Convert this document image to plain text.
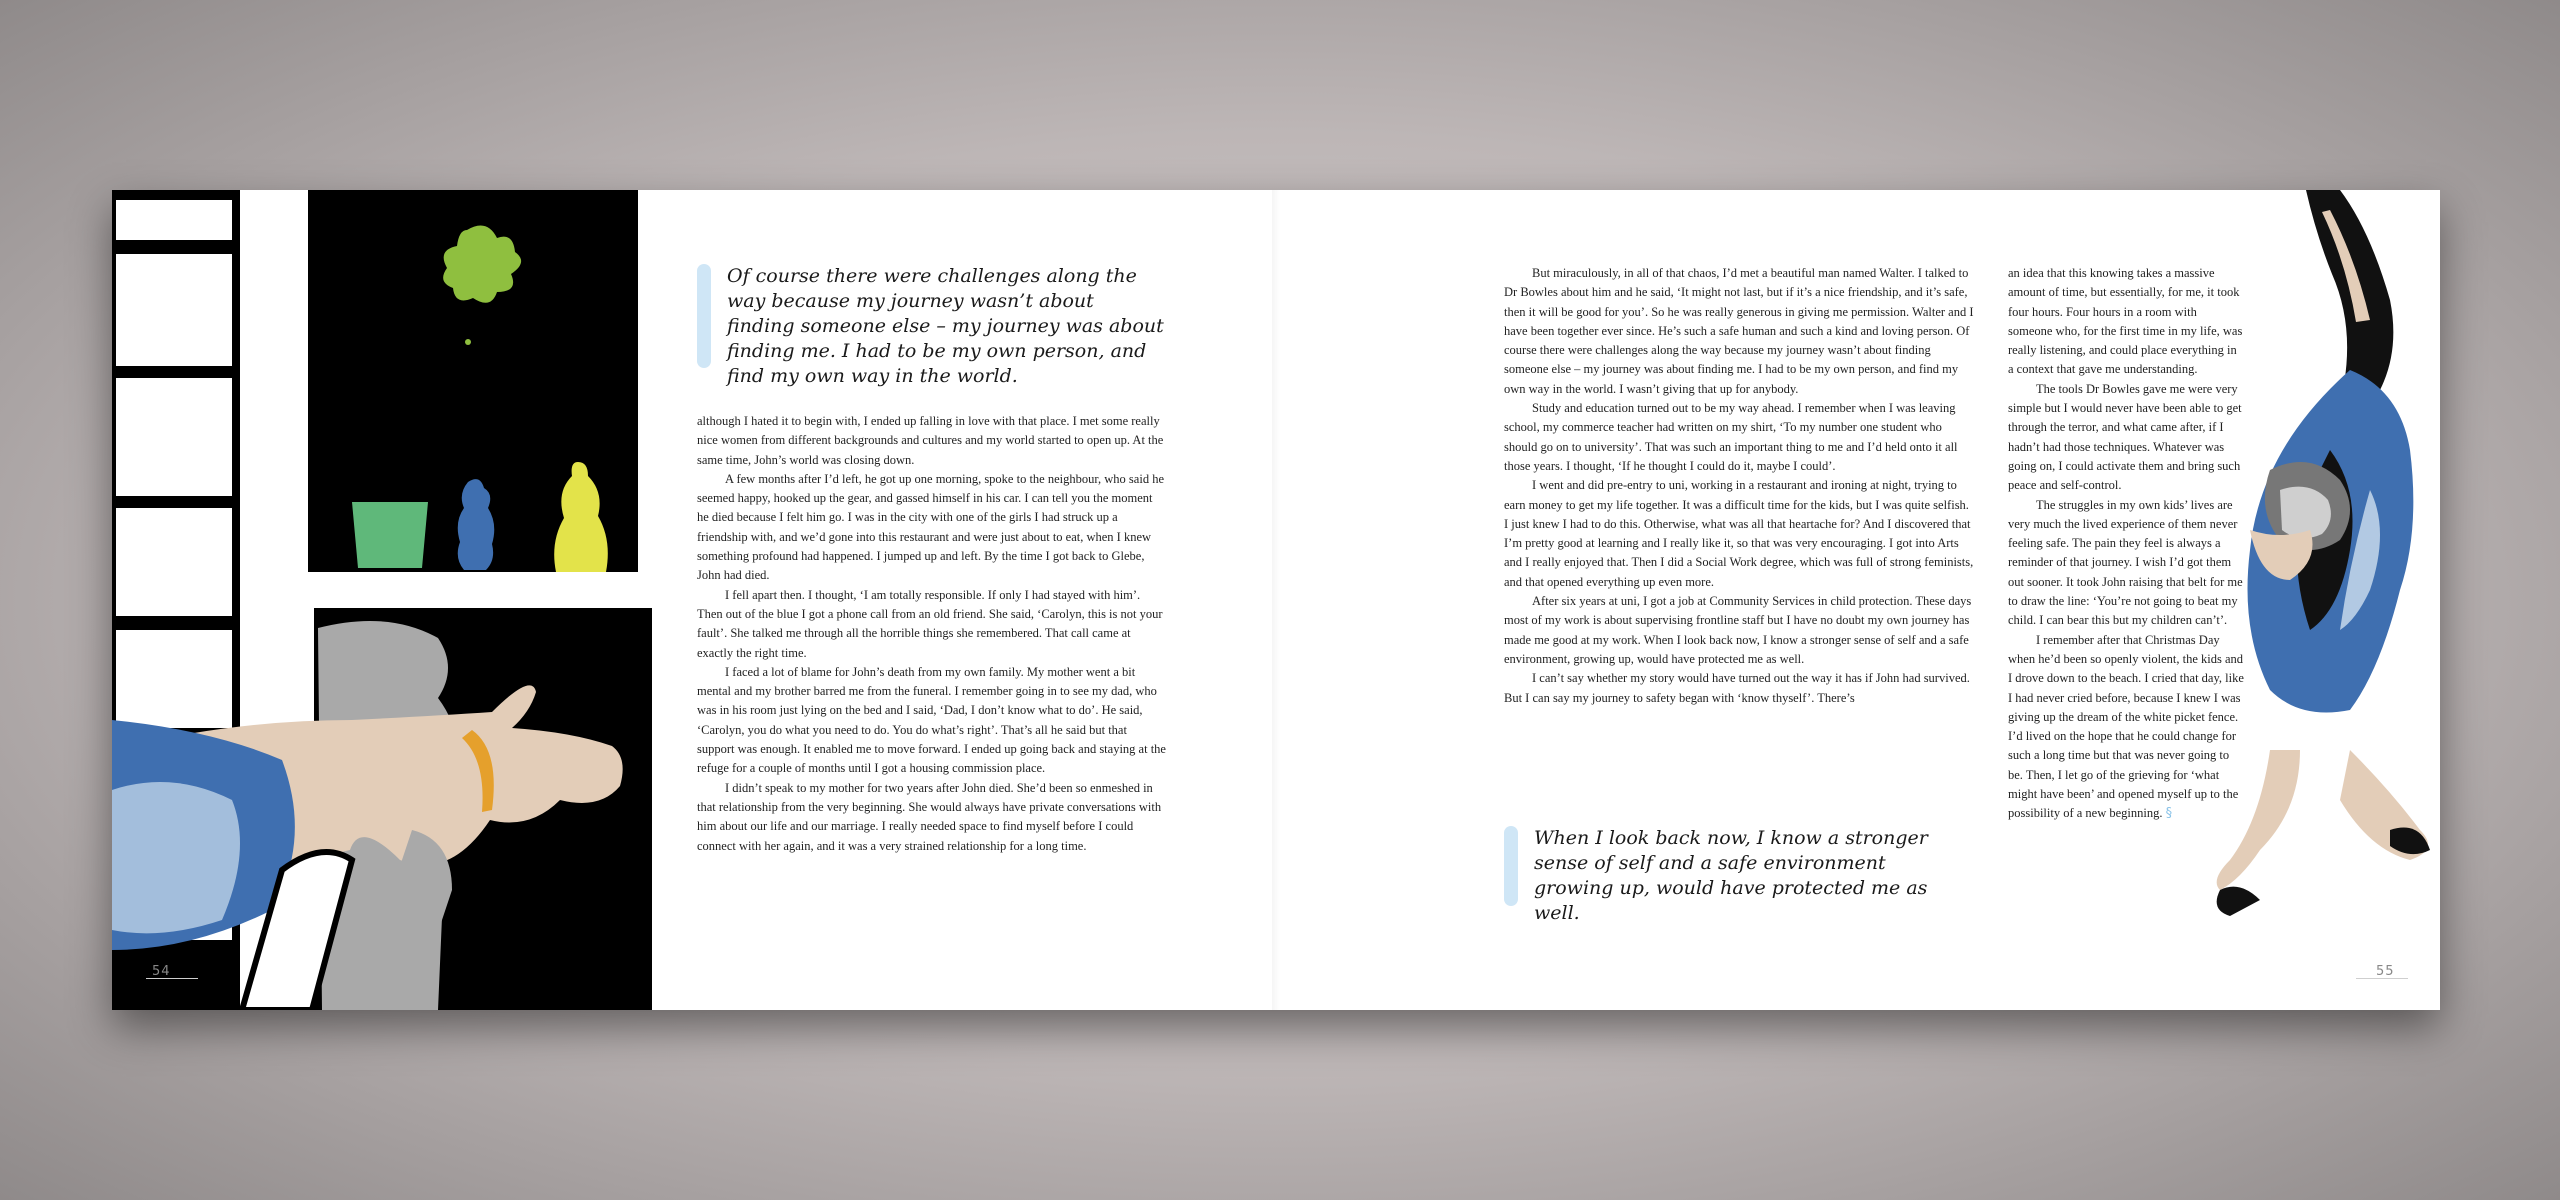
Of course there were challenges along the way because my journey wasn’t about finding someone else – my journey was about finding me. I had to be my own person, and find my own way in the world.

although I hated it to begin with, I ended up falling in love with that place. I met some really nice women from different backgrounds and cultures and my world started to open up. At the same time, John’s world was closing down.

A few months after I’d left, he got up one morning, spoke to the neighbour, who said he seemed happy, hooked up the gear, and gassed himself in his car. I can tell you the moment he died because I felt him go. I was in the city with one of the girls I had struck up a friendship with, and we’d gone into this restaurant and were just about to eat, when I knew something profound had happened. I jumped up and left. By the time I got back to Glebe, John had died.

I fell apart then. I thought, ‘I am totally responsible. If only I had stayed with him’. Then out of the blue I got a phone call from an old friend. She said, ‘Carolyn, this is not your fault’. She talked me through all the horrible things she remembered. That call came at exactly the right time.

I faced a lot of blame for John’s death from my own family. My mother went a bit mental and my brother barred me from the funeral. I remember going in to see my dad, who was in his room just lying on the bed and I said, ‘Dad, I don’t know what to do’. He said, ‘Carolyn, you do what you need to do. You do what’s right’. That’s all he said but that support was enough. It enabled me to move forward. I ended up going back and staying at the refuge for a couple of months until I got a housing commission place.

I didn’t speak to my mother for two years after John died. She’d been so enmeshed in that relationship from the very beginning. She would always have private conversations with him about our life and our marriage. I really needed space to find myself before I could connect with her again, and it was a very strained relationship for a long time.

54

But miraculously, in all of that chaos, I’d met a beautiful man named Walter. I talked to Dr Bowles about him and he said, ‘It might not last, but if it’s a nice friendship, and it’s safe, then it will be good for you’. So he was really generous in giving me permission. Walter and I have been together ever since. He’s such a safe human and such a kind and loving person. Of course there were challenges along the way because my journey wasn’t about finding someone else – my journey was about finding me. I had to be my own person, and find my own way in the world. I wasn’t giving that up for anybody.

Study and education turned out to be my way ahead. I remember when I was leaving school, my commerce teacher had written on my shirt, ‘To my number one student who should go on to university’. That was such an important thing to me and I’d held onto it all those years. I thought, ‘If he thought I could do it, maybe I could’.

I went and did pre-entry to uni, working in a restaurant and ironing at night, trying to earn money to get my life together. It was a difficult time for the kids, but I was quite selfish. I just knew I had to do this. Otherwise, what was all that heartache for? And I discovered that I’m pretty good at learning and I really like it, so that was very encouraging. I got into Arts and I really enjoyed that. Then I did a Social Work degree, which was full of strong feminists, and that opened everything up even more.

After six years at uni, I got a job at Community Services in child protection. These days most of my work is about supervising frontline staff but I have no doubt my own journey has made me good at my work. When I look back now, I know a stronger sense of self and a safe environment, growing up, would have protected me as well.

I can’t say whether my story would have turned out the way it has if John had survived. But I can say my journey to safety began with ‘know thyself’. There’s

When I look back now, I know a stronger sense of self and a safe environment growing up, would have protected me as well.

an idea that this knowing takes a massive amount of time, but essentially, for me, it took four hours. Four hours in a room with someone who, for the first time in my life, was really listening, and could place everything in a context that gave me understanding.

The tools Dr Bowles gave me were very simple but I would never have been able to get through the terror, and what came after, if I hadn’t had those techniques. Whatever was going on, I could activate them and bring such peace and self-control.

The struggles in my own kids’ lives are very much the lived experience of them never feeling safe. The pain they feel is always a reminder of that journey. I wish I’d got them out sooner. It took John raising that belt for me to draw the line: ‘You’re not going to beat my child. I can bear this but my children can’t’.

I remember after that Christmas Day when he’d been so openly violent, the kids and I drove down to the beach. I cried that day, like I had never cried before, because I knew I was giving up the dream of the white picket fence. I’d lived on the hope that he could change for such a long time but that was never going to be. Then, I let go of the grieving for ‘what might have been’ and opened myself up to the possibility of a new beginning. §

55
